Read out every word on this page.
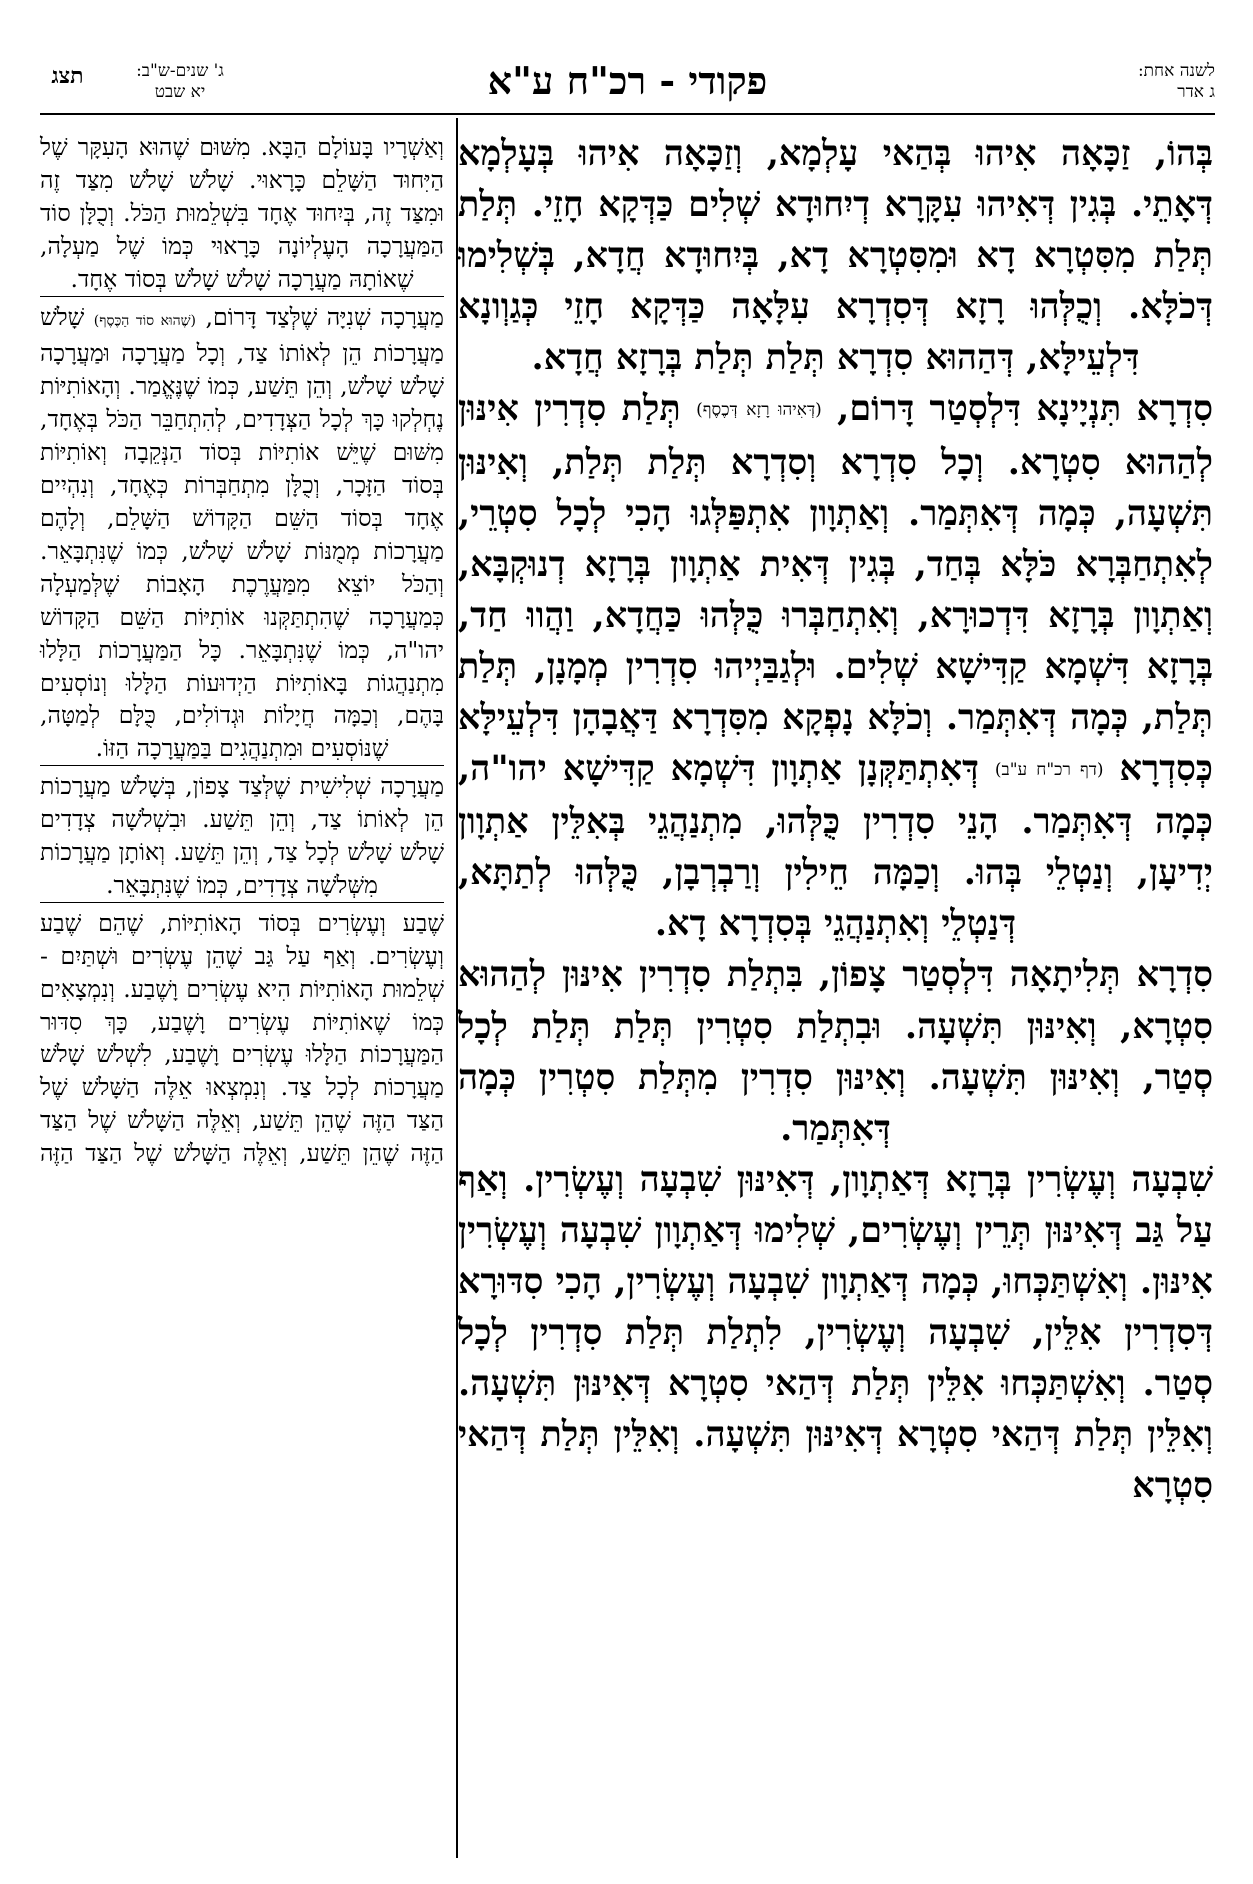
לשנה אחת:
ג אדר
פקודי - רכ"ח ע"א
ג' שנים-ש"ב:
יא שבט
תצג

בְּהוֹ, זַכָּאָה אִיהוּ בְּהַאי עָלְמָא, וְזַכָּאָה אִיהוּ בְּעָלְמָא דְּאָתֵי. בְּגִין דְּאִיהוּ עִקָּרָא דְיִחוּדָא שְׁלִים כַּדְּקָא חָזֵי. תְּלַת תְּלַת מִסִּטְרָא דָא וּמִסִּטְרָא דָא, בְּיִחוּדָא חֲדָא, בְּשְׁלִימוּ דְּכֹלָּא. וְכֻלְּהוּ רָזָא דְּסִדְרָא עִלָּאָה כַּדְּקָא חָזֵי כְּגַוְונָא דִּלְעֵילָּא, דְּהַהוּא סִדְרָא תְּלַת תְּלַת בְּרָזָא חֲדָא.

סִדְרָא תִּנְיָינָא דִּלְסְטַר דָּרוֹם, (דְּאִיהוּ רָזָא דְּכֶסֶף) תְּלַת סִדְרִין אִינּוּן לְהַהוּא סִטְרָא. וְכָל סִדְרָא וְסִדְרָא תְּלַת תְּלַת, וְאִינּוּן תִּשְׁעָה, כְּמָה דְּאִתְּמַר. וְאַתְוָון אִתְפַּלְּגוּ הָכִי לְכָל סִטְרֵי, לְאִתְחַבְּרָא כֹּלָּא בְּחַד, בְּגִין דְּאִית אַתְוָון בְּרָזָא דְנוּקְבָּא, וְאַתְוָון בְּרָזָא דִּדְכוּרָא, וְאִתְחַבְּרוּ כֻּלְּהוּ כַּחֲדָא, וַהֲווּ חַד, בְּרָזָא דִּשְׁמָא קַדִּישָׁא שְׁלִים. וּלְגַבַּיְיהוּ סִדְרִין מְמָנָן, תְּלַת תְּלַת, כְּמָה דְּאִתְּמַר. וְכֹלָּא נָפְקָא מִסִּדְרָא דַּאֲבָהָן דִּלְעֵילָּא כְּסִדְרָא (דף רכ"ח ע"ב) דְּאִתְתַּקְּנָן אַתְוָון דִּשְׁמָא קַדִּישָׁא יהו"ה, כְּמָה דְּאִתְּמַר. הָנֵי סִדְרִין כֻּלְּהוּ, מִתְנַהֲגֵי בְּאִלֵּין אַתְוָון יְדִיעָן, וְנַטְלֵי בְּהוּ. וְכַמָּה חֵילִין וְרַבְרְבָן, כֻּלְּהוּ לְתַתָּא, דְּנַטְלֵי וְאִתְנַהֲגֵי בְּסִדְרָא דָא.

סִדְרָא תְּלִיתָאָה דִּלְסְטַר צָפוֹן, בִּתְלַת סִדְרִין אִינּוּן לְהַהוּא סִטְרָא, וְאִינּוּן תִּשְׁעָה. וּבִתְלַת סִטְרִין תְּלַת תְּלַת לְכָל סְטַר, וְאִינּוּן תִּשְׁעָה. וְאִינּוּן סִדְרִין מִתְּלַת סִטְרִין כְּמָה דְּאִתְּמַר.

שִׁבְעָה וְעֶשְׂרִין בְּרָזָא דְּאַתְוָון, דְּאִינּוּן שִׁבְעָה וְעֶשְׂרִין. וְאַף עַל גַּב דְּאִינּוּן תְּרֵין וְעֶשְׂרִים, שְׁלִימוּ דְּאַתְוָון שִׁבְעָה וְעֶשְׂרִין אִינּוּן. וְאִשְׁתַּכְּחוּ, כְּמָה דְּאַתְוָון שִׁבְעָה וְעֶשְׂרִין, הָכִי סִדּוּרָא דְּסִדְרִין אִלֵּין, שִׁבְעָה וְעֶשְׂרִין, לִתְלַת תְּלַת סִדְרִין לְכָל סְטַר. וְאִשְׁתַּכְּחוּ אִלֵּין תְּלַת דְּהַאי סִטְרָא דְּאִינּוּן תִּשְׁעָה. וְאִלֵּין תְּלַת דְּהַאי סִטְרָא דְּאִינּוּן תִּשְׁעָה. וְאִלֵּין תְּלַת דְּהַאי סִטְרָא

וְאַשְׁרָיו בָּעוֹלָם הַבָּא. מִשּׁוּם שֶׁהוּא הָעִקָּר שֶׁל הַיִּחוּד הַשָּׁלֵם כָּרָאוּי. שָׁלֹשׁ שָׁלֹשׁ מִצַּד זֶה וּמִצַּד זֶה, בְּיִחוּד אֶחָד בִּשְׁלֵמוּת הַכֹּל. וְכֻלָּן סוֹד הַמַּעֲרָכָה הָעֶלְיוֹנָה כָּרָאוּי כְּמוֹ שֶׁל מַעְלָה, שֶׁאוֹתָהּ מַעֲרָכָה שָׁלֹשׁ שָׁלֹשׁ בְּסוֹד אֶחָד.

מַעֲרָכָה שְׁנִיָּה שֶׁלְּצַד דָּרוֹם, (שֶׁהוּא סוֹד הַכֶּסֶף) שָׁלֹשׁ מַעֲרָכוֹת הֵן לְאוֹתוֹ צַד, וְכָל מַעֲרָכָה וּמַעֲרָכָה שָׁלֹשׁ שָׁלֹשׁ, וְהֵן תֵּשַׁע, כְּמוֹ שֶׁנֶּאֱמַר. וְהָאוֹתִיּוֹת נֶחְלְקוּ כָּךְ לְכָל הַצְּדָדִים, לְהִתְחַבֵּר הַכֹּל בְּאֶחָד, מִשּׁוּם שֶׁיֵּשׁ אוֹתִיּוֹת בְּסוֹד הַנְּקֵבָה וְאוֹתִיּוֹת בְּסוֹד הַזָּכָר, וְכֻלָּן מִתְחַבְּרוֹת כְּאֶחָד, וְנִהְיִים אֶחָד בְּסוֹד הַשֵּׁם הַקָּדוֹשׁ הַשָּׁלֵם, וְלָהֶם מַעֲרָכוֹת מְמֻנּוֹת שָׁלֹשׁ שָׁלֹשׁ, כְּמוֹ שֶׁנִּתְבָּאֵר. וְהַכֹּל יוֹצֵא מִמַּעֲרֶכֶת הָאָבוֹת שֶׁלְּמַעְלָה כְּמַעֲרָכָה שֶׁהִתְתַּקְּנוּ אוֹתִיּוֹת הַשֵּׁם הַקָּדוֹשׁ יהו"ה, כְּמוֹ שֶׁנִּתְבָּאֵר. כָּל הַמַּעֲרָכוֹת הַלָּלוּ מִתְנַהֲגוֹת בָּאוֹתִיּוֹת הַיְדוּעוֹת הַלָּלוּ וְנוֹסְעִים בָּהֶם, וְכַמָּה חֲיָלוֹת וּגְדוֹלִים, כֻּלָּם לְמַטָּה, שֶׁנּוֹסְעִים וּמִתְנַהֲגִים בַּמַּעֲרָכָה הַזּוֹ.

מַעֲרָכָה שְׁלִישִׁית שֶׁלְּצַד צָפוֹן, בְּשָׁלֹשׁ מַעֲרָכוֹת הֵן לְאוֹתוֹ צַד, וְהֵן תֵּשַׁע. וּבִשְׁלֹשָׁה צְדָדִים שָׁלֹשׁ שָׁלֹשׁ לְכָל צַד, וְהֵן תֵּשַׁע. וְאוֹתָן מַעֲרָכוֹת מִשְּׁלֹשָׁה צְדָדִים, כְּמוֹ שֶׁנִּתְבָּאֵר.

שֶׁבַע וְעֶשְׂרִים בְּסוֹד הָאוֹתִיּוֹת, שֶׁהֵם שֶׁבַע וְעֶשְׂרִים. וְאַף עַל גַּב שֶׁהֵן עֶשְׂרִים וּשְׁתַּיִם - שְׁלֵמוּת הָאוֹתִיּוֹת הִיא עֶשְׂרִים וָשֶׁבַע. וְנִמְצָאִים כְּמוֹ שֶׁאוֹתִיּוֹת עֶשְׂרִים וָשֶׁבַע, כָּךְ סִדּוּר הַמַּעֲרָכוֹת הַלָּלוּ עֶשְׂרִים וָשֶׁבַע, לִשְׁלֹשׁ שָׁלֹשׁ מַעֲרָכוֹת לְכָל צַד. וְנִמְצְאוּ אֵלֶּה הַשָּׁלֹשׁ שֶׁל הַצַּד הַזֶּה שֶׁהֵן תֵּשַׁע, וְאֵלֶּה הַשָּׁלֹשׁ שֶׁל הַצַּד הַזֶּה שֶׁהֵן תֵּשַׁע, וְאֵלֶּה הַשָּׁלֹשׁ שֶׁל הַצַּד הַזֶּה
